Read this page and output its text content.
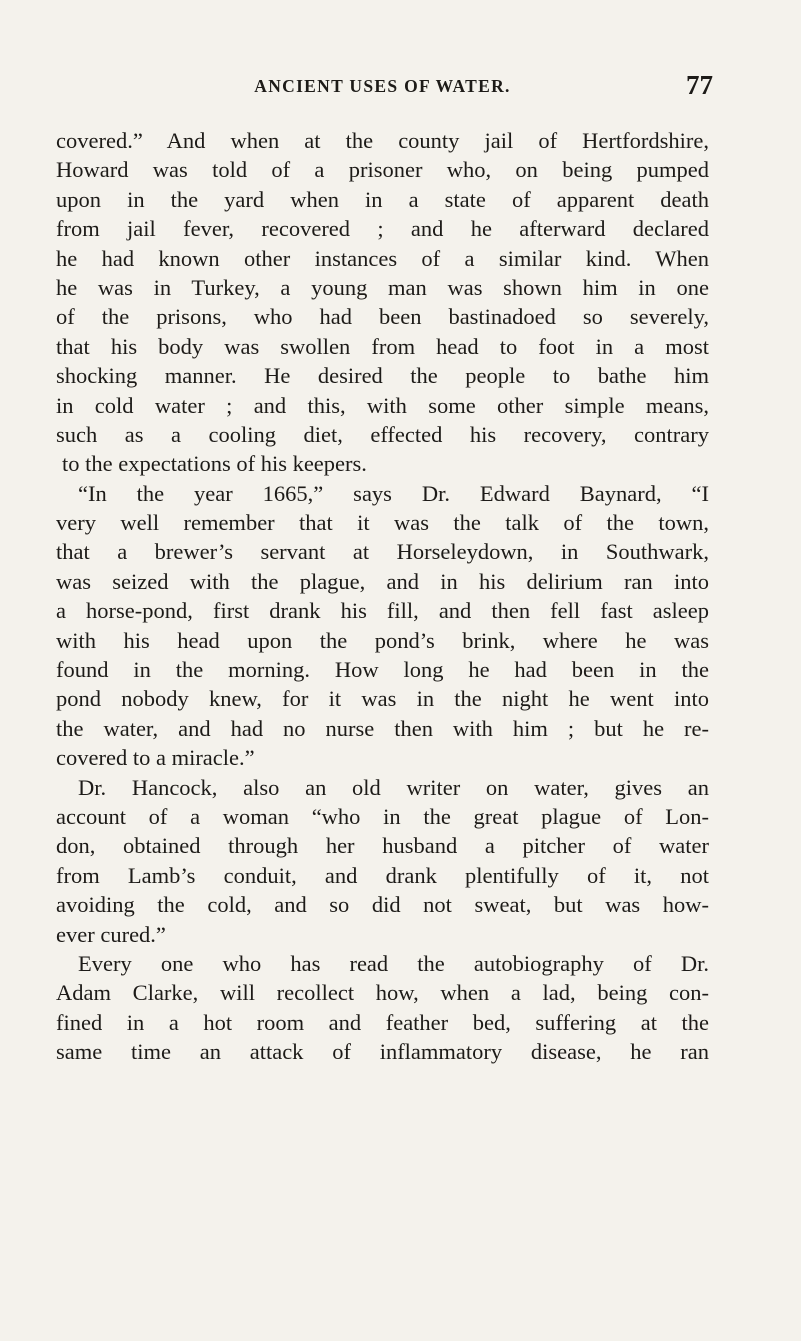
ANCIENT USES OF WATER.	77
covered.” And when at the county jail of Hertfordshire,
Howard was told of a prisoner who, on being pumped
upon in the yard when in a state of apparent death
from jail fever, recovered ; and he afterward declared
he had known other instances of a similar kind. When
he was in Turkey, a young man was shown him in one
of the prisons, who had been bastinadoed so severely,
that his body was swollen from head to foot in a most
shocking manner. He desired the people to bathe him
in cold water ; and this, with some other simple means,
such as a cooling diet, effected his recovery, contrary
to the expectations of his keepers.
“In the year 1665,” says Dr. Edward Baynard, “I
very well remember that it was the talk of the town,
that a brewer’s servant at Horseleydown, in Southwark,
was seized with the plague, and in his delirium ran into
a horse-pond, first drank his fill, and then fell fast asleep
with his head upon the pond’s brink, where he was
found in the morning. How long he had been in the
pond nobody knew, for it was in the night he went into
the water, and had no nurse then with him ; but he re-
covered to a miracle.”
Dr. Hancock, also an old writer on water, gives an
account of a woman “who in the great plague of Lon-
don, obtained through her husband a pitcher of water
from Lamb’s conduit, and drank plentifully of it, not
avoiding the cold, and so did not sweat, but was how-
ever cured.”
Every one who has read the autobiography of Dr.
Adam Clarke, will recollect how, when a lad, being con-
fined in a hot room and feather bed, suffering at the
same time an attack of inflammatory disease, he ran
